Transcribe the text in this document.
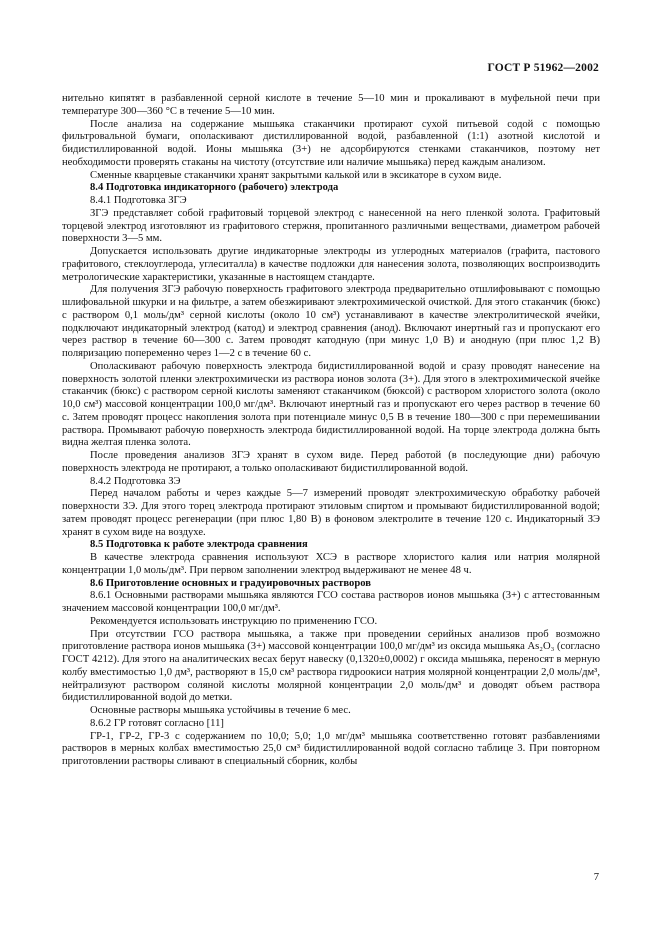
ГОСТ Р 51962—2002

нительно кипятят в разбавленной серной кислоте в течение 5—10 мин и прокаливают в муфельной печи при температуре 300—360 °С в течение 5—10 мин.

После анализа на содержание мышьяка стаканчики протирают сухой питьевой содой с помощью фильтровальной бумаги, ополаскивают дистиллированной водой, разбавленной (1:1) азотной кислотой и бидистиллированной водой. Ионы мышьяка (3+) не адсорбируются стенками стаканчиков, поэтому нет необходимости проверять стаканы на чистоту (отсутствие или наличие мышьяка) перед каждым анализом.

Сменные кварцевые стаканчики хранят закрытыми калькой или в эксикаторе в сухом виде.

8.4 Подготовка индикаторного (рабочего) электрода

8.4.1 Подготовка ЗГЭ

ЗГЭ представляет собой графитовый торцевой электрод с нанесенной на него пленкой золота. Графитовый торцевой электрод изготовляют из графитового стержня, пропитанного различными веществами, диаметром рабочей поверхности 3—5 мм.

Допускается использовать другие индикаторные электроды из углеродных материалов (графита, пастового графитового, стеклоуглерода, углеситалла) в качестве подложки для нанесения золота, позволяющих воспроизводить метрологические характеристики, указанные в настоящем стандарте.

Для получения ЗГЭ рабочую поверхность графитового электрода предварительно отшлифовывают с помощью шлифовальной шкурки и на фильтре, а затем обезжиривают электрохимической очисткой. Для этого стаканчик (бюкс) с раствором 0,1 моль/дм³ серной кислоты (около 10 см³) устанавливают в качестве электролитической ячейки, подключают индикаторный электрод (катод) и электрод сравнения (анод). Включают инертный газ и пропускают его через раствор в течение 60—300 с. Затем проводят катодную (при минус 1,0 В) и анодную (при плюс 1,2 В) поляризацию попеременно через 1—2 с в течение 60 с.

Ополаскивают рабочую поверхность электрода бидистиллированной водой и сразу проводят нанесение на поверхность золотой пленки электрохимически из раствора ионов золота (3+). Для этого в электрохимической ячейке стаканчик (бюкс) с раствором серной кислоты заменяют стаканчиком (бюксой) с раствором хлористого золота (около 10,0 см³) массовой концентрации 100,0 мг/дм³. Включают инертный газ и пропускают его через раствор в течение 60 с. Затем проводят процесс накопления золота при потенциале минус 0,5 В в течение 180—300 с при перемешивании раствора. Промывают рабочую поверхность электрода бидистиллированной водой. На торце электрода должна быть видна желтая пленка золота.

После проведения анализов ЗГЭ хранят в сухом виде. Перед работой (в последующие дни) рабочую поверхность электрода не протирают, а только ополаскивают бидистиллированной водой.

8.4.2 Подготовка ЗЭ

Перед началом работы и через каждые 5—7 измерений проводят электрохимическую обработку рабочей поверхности ЗЭ. Для этого торец электрода протирают этиловым спиртом и промывают бидистиллированной водой; затем проводят процесс регенерации (при плюс 1,80 В) в фоновом электролите в течение 120 с. Индикаторный ЗЭ хранят в сухом виде на воздухе.

8.5 Подготовка к работе электрода сравнения

В качестве электрода сравнения используют ХСЭ в растворе хлористого калия или натрия молярной концентрации 1,0 моль/дм³. При первом заполнении электрод выдерживают не менее 48 ч.

8.6 Приготовление основных и градуировочных растворов

8.6.1 Основными растворами мышьяка являются ГСО состава растворов ионов мышьяка (3+) с аттестованным значением массовой концентрации 100,0 мг/дм³.

Рекомендуется использовать инструкцию по применению ГСО.

При отсутствии ГСО раствора мышьяка, а также при проведении серийных анализов проб возможно приготовление раствора ионов мышьяка (3+) массовой концентрации 100,0 мг/дм³ из оксида мышьяка As₂O₃ (согласно ГОСТ 4212). Для этого на аналитических весах берут навеску (0,1320±0,0002) г оксида мышьяка, переносят в мерную колбу вместимостью 1,0 дм³, растворяют в 15,0 см³ раствора гидроокиси натрия молярной концентрации 2,0 моль/дм³, нейтрализуют раствором соляной кислоты молярной концентрации 2,0 моль/дм³ и доводят объем раствора бидистиллированной водой до метки.

Основные растворы мышьяка устойчивы в течение 6 мес.

8.6.2 ГР готовят согласно [11]

ГР-1, ГР-2, ГР-3 с содержанием по 10,0; 5,0; 1,0 мг/дм³ мышьяка соответственно готовят разбавлениями растворов в мерных колбах вместимостью 25,0 см³ бидистиллированной водой согласно таблице 3. При повторном приготовлении растворы сливают в специальный сборник, колбы

7
